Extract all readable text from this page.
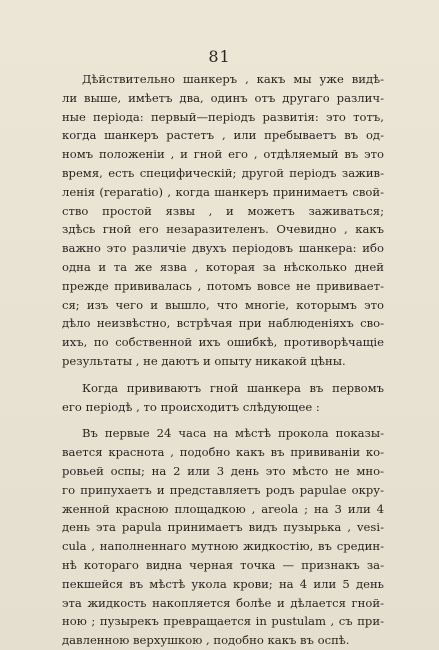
81
Дѣйствительно шанкеръ , какъ мы уже видѣ-
ли выше, имѣетъ два, одинъ отъ другаго различ-
ные періода: первый—періодъ развитія: это тотъ,
когда шанкеръ растетъ , или пребываетъ въ од-
номъ положеніи , и гной его , отдѣляемый въ это
время, есть специфическій; другой періодъ зажив-
ленія (reparatio) , когда шанкеръ принимаетъ свой-
ство простой язвы , и можетъ заживаться;
здѣсь гной его незаразителенъ. Очевидно , какъ
важно это различіе двухъ періодовъ шанкера: ибо
одна и та же язва , которая за нѣсколько дней
прежде прививалась , потомъ вовсе не прививает-
ся; изъ чего и вышло, что многіе, которымъ это
дѣло неизвѣстно, встрѣчая при наблюденіяхъ сво-
ихъ, по собственной ихъ ошибкѣ, противорѣчащіе
результаты , не даютъ и опыту никакой цѣны.
Когда прививаютъ гной шанкера въ первомъ
его періодѣ , то происходитъ слѣдующее :
Въ первые 24 часа на мѣстѣ прокола показы-
вается краснота , подобно какъ въ прививаніи ко-
ровьей оспы; на 2 или 3 день это мѣсто не мно-
го припухаетъ и представляетъ родъ papulae окру-
женной красною площадкою , areola ; на 3 или 4
день эта papula принимаетъ видъ пузырька , vesi-
cula , наполненнаго мутною жидкостію, въ средин-
нѣ котораго видна черная точка — признакъ за-
пекшейся въ мѣстѣ укола крови; на 4 или 5 день
эта жидкость накопляется болѣе и дѣлается гной-
ною ; пузырекъ превращается in pustulam , съ при-
давленною верхушкою , подобно какъ въ оспѣ.
